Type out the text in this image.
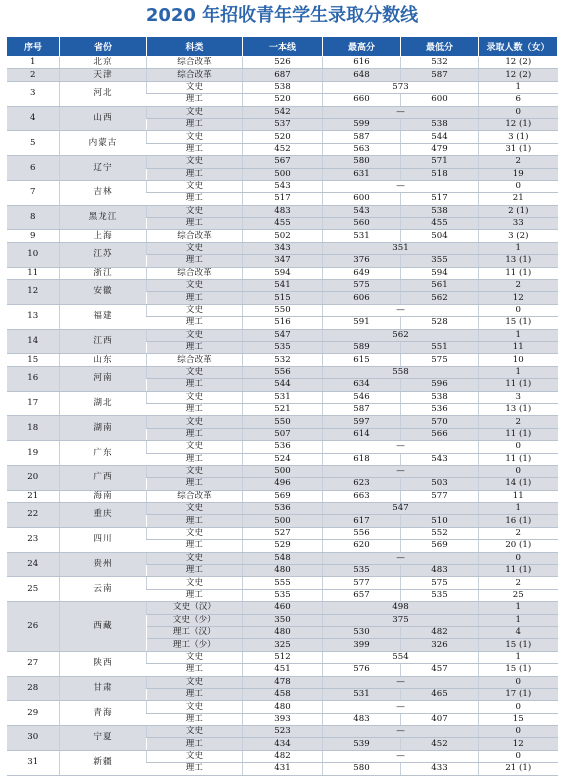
2020 年招收青年学生录取分数线
序号	省份	科类	一本线	最高分	最低分	录取人数（女）
1	北京	综合改革	526	616	532	12 (2)
2	天津	综合改革	687	648	587	12 (2)
3	河北	文史	538	573		1
		理工	520	660	600	6
4	山西	文史	542	—		0
		理工	537	599	538	12 (1)
5	内蒙古	文史	520	587	544	3 (1)
		理工	452	563	479	31 (1)
6	辽宁	文史	567	580	571	2
		理工	500	631	518	19
7	吉林	文史	543	—		0
		理工	517	600	517	21
8	黑龙江	文史	483	543	538	2 (1)
		理工	455	560	455	33
9	上海	综合改革	502	531	504	3 (2)
10	江苏	文史	343	351		1
		理工	347	376	355	13 (1)
11	浙江	综合改革	594	649	594	11 (1)
12	安徽	文史	541	575	561	2
		理工	515	606	562	12
13	福建	文史	550	—		0
		理工	516	591	528	15 (1)
14	江西	文史	547	562		1
		理工	535	589	551	11
15	山东	综合改革	532	615	575	10
16	河南	文史	556	558		1
		理工	544	634	596	11 (1)
17	湖北	文史	531	546	538	3
		理工	521	587	536	13 (1)
18	湖南	文史	550	597	570	2
		理工	507	614	566	11 (1)
19	广东	文史	536	—		0
		理工	524	618	543	11 (1)
20	广西	文史	500	—		0
		理工	496	623	503	14 (1)
21	海南	综合改革	569	663	577	11
22	重庆	文史	536	547		1
		理工	500	617	510	16 (1)
23	四川	文史	527	556	552	2
		理工	529	620	569	20 (1)
24	贵州	文史	548	—		0
		理工	480	535	483	11 (1)
25	云南	文史	555	577	575	2
		理工	535	657	535	25
26	西藏	文史（汉）	460	498		1
		文史（少）	350	375		1
		理工（汉）	480	530	482	4
		理工（少）	325	399	326	15 (1)
27	陕西	文史	512	554		1
		理工	451	576	457	15 (1)
28	甘肃	文史	478	—		0
		理工	458	531	465	17 (1)
29	青海	文史	480	—		0
		理工	393	483	407	15
30	宁夏	文史	523	—		0
		理工	434	539	452	12
31	新疆	文史	482	—		0
		理工	431	580	433	21 (1)
